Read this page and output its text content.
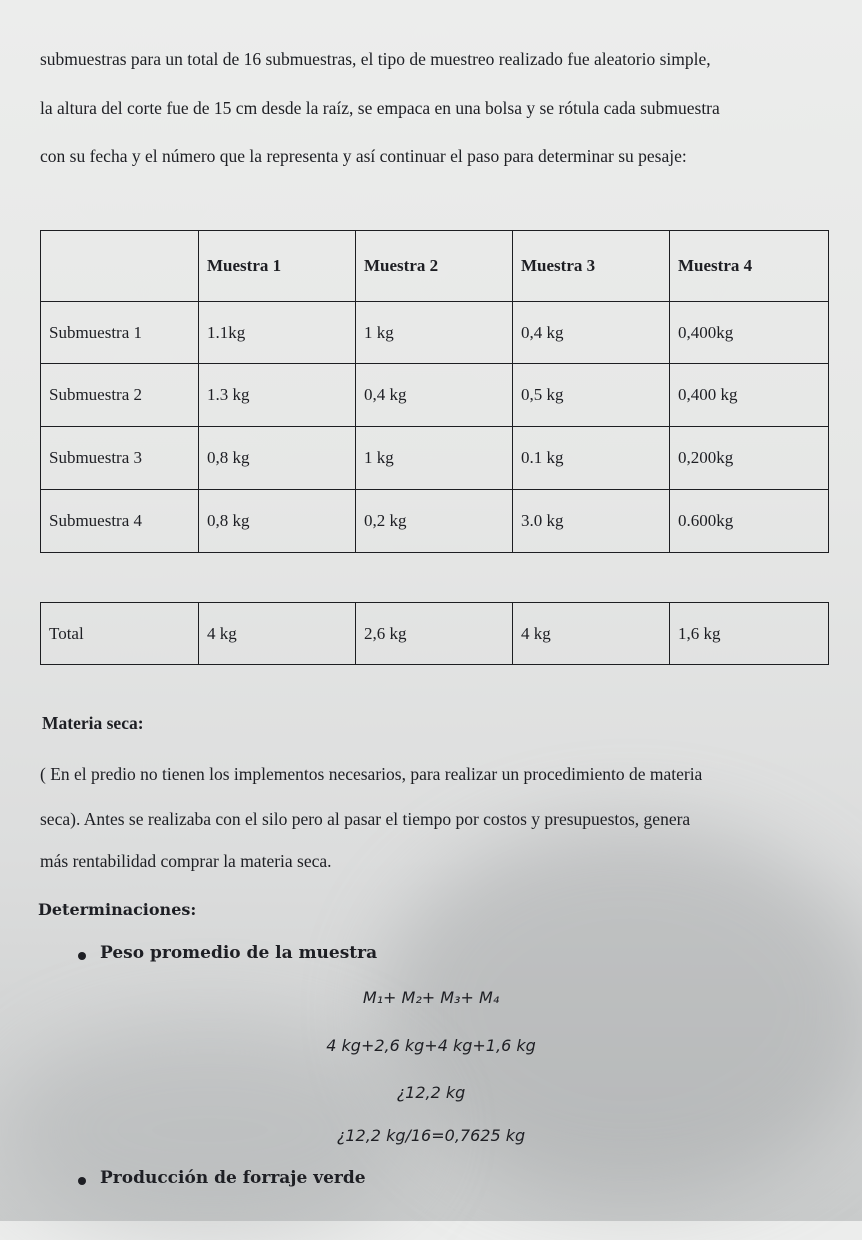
submuestras para un total de 16 submuestras, el tipo de muestreo realizado fue aleatorio simple,
la altura del corte fue de 15 cm desde la raíz, se empaca en una bolsa y se rótula cada submuestra
con su fecha y el número que la representa y así continuar el paso para determinar su pesaje:
	Muestra 1	Muestra 2	Muestra 3	Muestra 4
Submuestra 1	1.1kg	1 kg	0,4 kg	0,400kg
Submuestra 2	1.3 kg	0,4 kg	0,5 kg	0,400 kg
Submuestra 3	0,8 kg	1 kg	0.1 kg	0,200kg
Submuestra 4	0,8 kg	0,2 kg	3.0 kg	0.600kg
Total	4 kg	2,6 kg	4 kg	1,6 kg
Materia seca:
( En el predio no tienen los implementos necesarios, para realizar un procedimiento de materia
seca). Antes se realizaba con el silo pero al pasar el tiempo por costos y presupuestos, genera
más rentabilidad comprar la materia seca.
Determinaciones:
Peso promedio de la muestra
M₁+ M₂+ M₃+ M₄
4 kg+2,6 kg+4 kg+1,6 kg
¿12,2 kg
¿12,2 kg/16=0,7625 kg
Producción de forraje verde
